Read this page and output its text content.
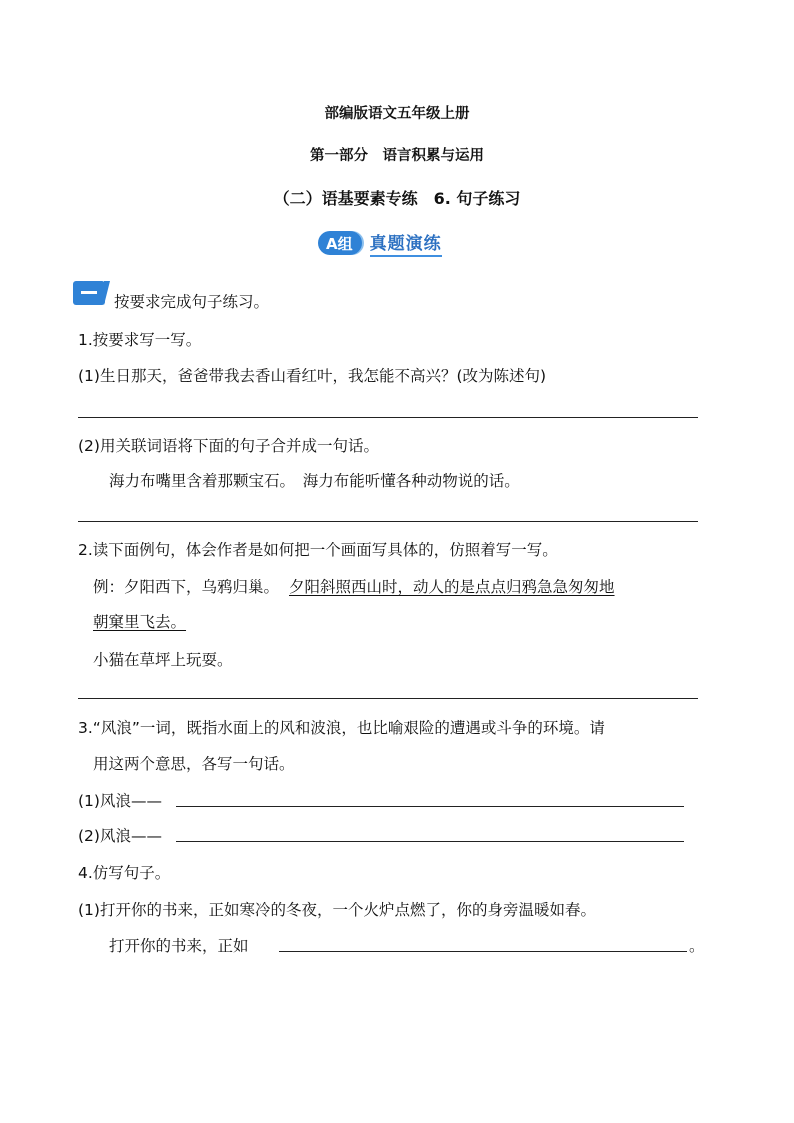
部编版语文五年级上册
第一部分　语言积累与运用
（二）语基要素专练　6. 句子练习
A组 真题演练
按要求完成句子练习。
1.按要求写一写。
(1)生日那天，爸爸带我去香山看红叶，我怎能不高兴？(改为陈述句)
(2)用关联词语将下面的句子合并成一句话。
海力布嘴里含着那颗宝石。　海力布能听懂各种动物说的话。
2.读下面例句，体会作者是如何把一个画面写具体的，仿照着写一写。
例：夕阳西下，乌鸦归巢。 夕阳斜照西山时，动人的是点点归鸦急急匆匆地
朝窠里飞去。
小猫在草坪上玩耍。
3.“风浪”一词，既指水面上的风和波浪，也比喻艰险的遭遇或斗争的环境。请
用这两个意思，各写一句话。
(1)风浪——
(2)风浪——
4.仿写句子。
(1)打开你的书来，正如寒冷的冬夜，一个火炉点燃了，你的身旁温暖如春。
打开你的书来，正如	。
